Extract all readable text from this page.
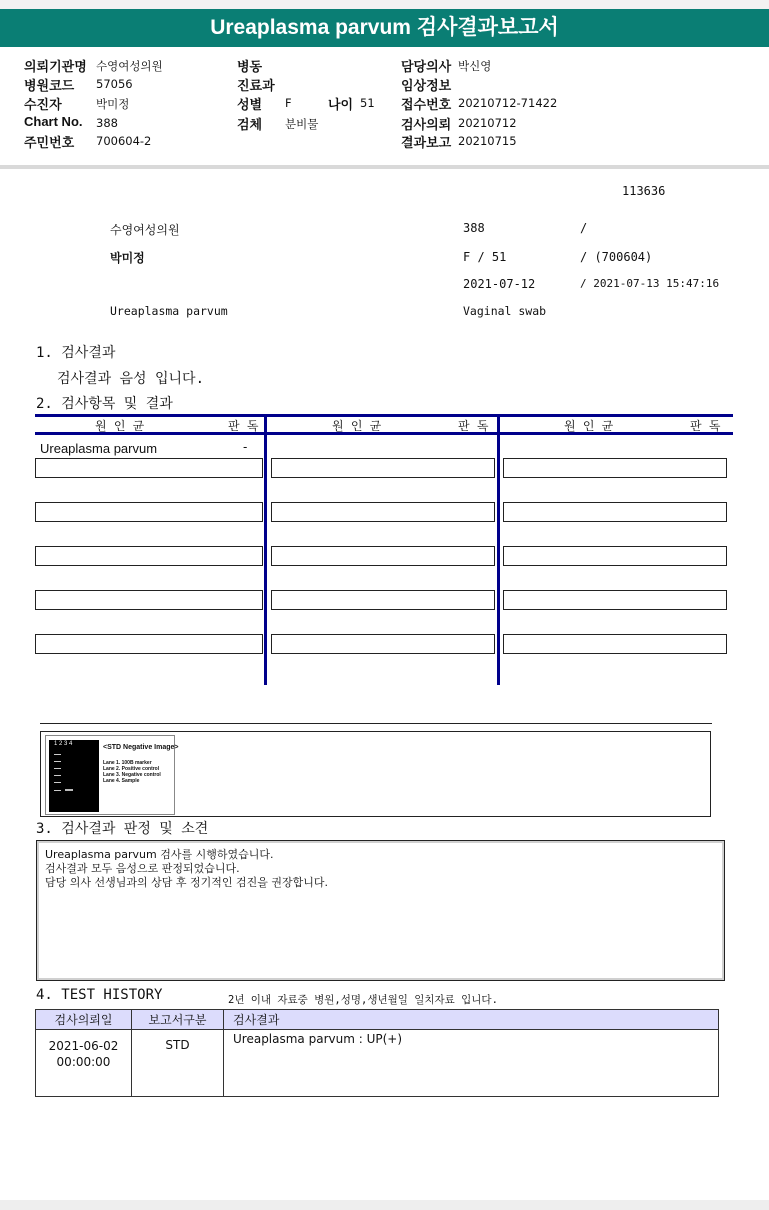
Ureaplasma parvum 검사결과보고서
의뢰기관명 수영여성의원
병원코드 57056
수진자	박미정
Chart No. 388
주민번호 700604-2
병동
진료과
성별 F	나이 51
검체 분비물
담당의사 박신영
임상정보
접수번호 20210712-71422
검사의뢰 20210712
결과보고 20210715
113636
수영여성의원	388	/
박미정	F / 51	/ (700604)
2021-07-12	/ 2021-07-13 15:47:16
Ureaplasma parvum	Vaginal swab
1. 검사결과
검사결과 음성 입니다.
2. 검사항목 및 결과
원 인 균	판 독	원 인 균	판 독	원 인 균	판 독
Ureaplasma parvum	-
1 2 3 4	<STD Negative Image>
Lane 1. 100B marker
Lane 2. Positive control
Lane 3. Negative control
Lane 4. Sample
3. 검사결과 판정 및 소견
Ureaplasma parvum 검사를 시행하였습니다.
검사결과 모두 음성으로 판정되었습니다.
담당 의사 선생님과의 상담 후 정기적인 검진을 권장합니다.
4. TEST HISTORY	2년 이내 자료중 병원,성명,생년월일 일치자료 입니다.
검사의뢰일	보고서구분	검사결과

2021-06-02
00:00:00	STD	Ureaplasma parvum : UP(+)
